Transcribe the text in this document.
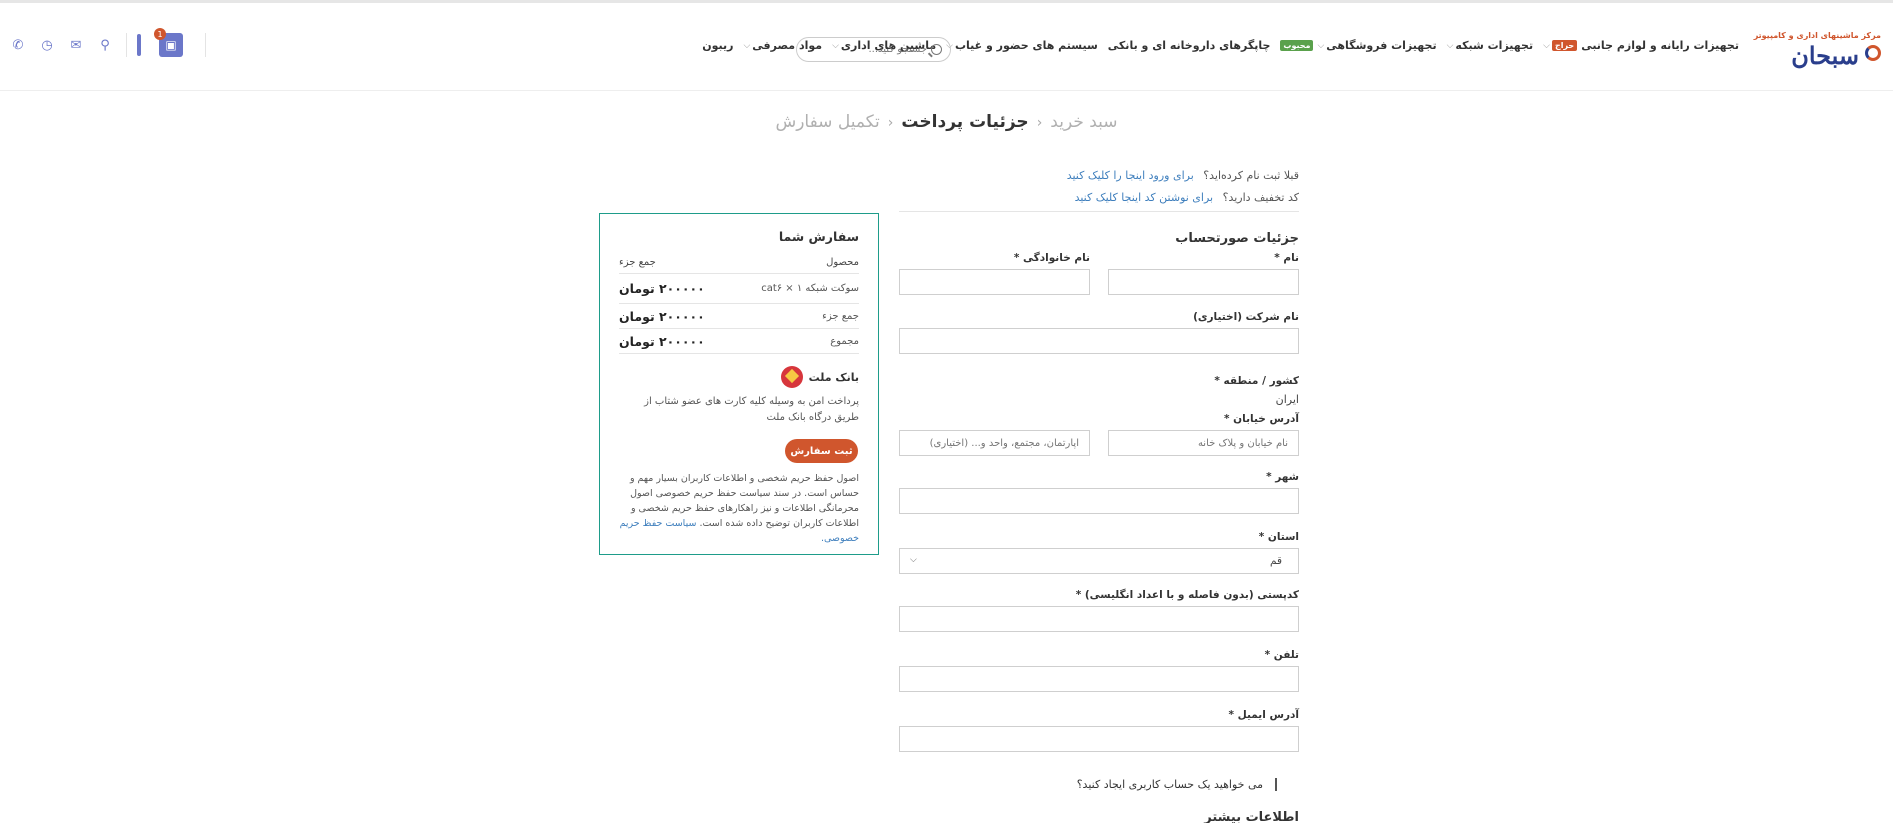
مرکز ماشینهای اداری و کامپیوتر
سبحان
تجهیزات رایانه و لوازم جانبی
حراج
⌵
تجهیزات شبکه
⌵
تجهیزات فروشگاهی
⌵
محبوب
چاپگرهای داروخانه ای و بانکی
سیستم های حضور و غیاب
⌵
ماشین های اداری
⌵
مواد مصرفی
⌵
ریبون
جستجو کنید...
✆	◷	✉	⚲	▣
1
سبد خرید‹جزئیات پرداخت‹تکمیل سفارش
قبلا ثبت نام کرده‌اید؟ برای ورود اینجا را کلیک کنید
کد تخفیف دارید؟ برای نوشتن کد اینجا کلیک کنید
جزئیات صورتحساب
نام *
نام خانوادگی *
نام شرکت (اختیاری)
کشور / منطقه *
ایران
آدرس خیابان *
نام خیابان و پلاک خانه
آپارتمان، مجتمع، واحد و... (اختیاری)
شهر *
استان *
قم
⌵
کدپستی (بدون فاصله و با اعداد انگلیسی) *
تلفن *
آدرس ایمیل *
می خواهید یک حساب کاربری ایجاد کنید؟
اطلاعات بیشتر
سفارش شما
محصول
جمع جزء
سوکت شبکه cat۶ × ۱
۲۰۰۰۰۰ تومان
جمع جزء
۲۰۰۰۰۰ تومان
مجموع
۲۰۰۰۰۰ تومان
بانک ملت
پرداخت امن به وسیله کلیه کارت های عضو شتاب از طریق درگاه بانک ملت
ثبت سفارش
اصول حفظ حریم شخصی و اطلاعات کاربران بسیار مهم و حساس است. در سند سیاست حفظ حریم خصوصی اصول محرمانگی اطلاعات و نیز راهکارهای حفظ حریم شخصی و اطلاعات کاربران توضیح داده شده است. سیاست حفظ حریم خصوصی.
